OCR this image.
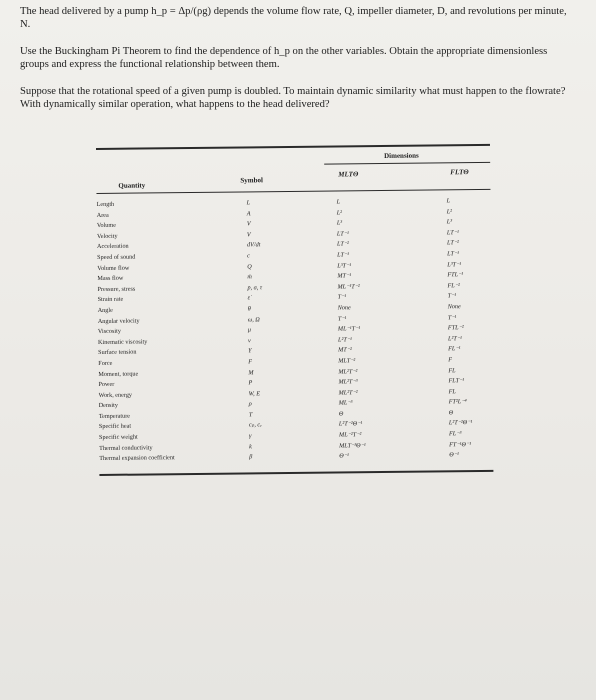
The head delivered by a pump h_p = Δp/(ρg) depends the volume flow rate, Q, impeller diameter, D, and revolutions per minute, N.

Use the Buckingham Pi Theorem to find the dependence of h_p on the other variables. Obtain the appropriate dimensionless groups and express the functional relationship between them.

Suppose that the rotational speed of a given pump is doubled. To maintain dynamic similarity what must happen to the flowrate? With dynamically similar operation, what happens to the head delivered?

Dimensions
MLTΘ	FLTΘ
Quantity
Symbol
Length
Area
Volume
Velocity
Acceleration
Speed of sound
Volume flow
Mass flow
Pressure, stress
Strain rate
Angle
Angular velocity
Viscosity
Kinematic viscosity
Surface tension
Force
Moment, torque
Power
Work, energy
Density
Temperature
Specific heat
Specific weight
Thermal conductivity
Thermal expansion coefficient
L
A
V
V
dV/dt
c
Q
ṁ
p, σ, τ
ε̇
θ
ω, Ω
μ
ν
Y
F
M
P
W, E
ρ
T
cₚ, cᵥ
γ
k
β
L
L²
L³
LT⁻¹
LT⁻²
LT⁻¹
L³T⁻¹
MT⁻¹
ML⁻¹T⁻²
T⁻¹
None
T⁻¹
ML⁻¹T⁻¹
L²T⁻¹
MT⁻²
MLT⁻²
ML²T⁻²
ML²T⁻³
ML²T⁻²
ML⁻³
Θ
L²T⁻²Θ⁻¹
ML⁻²T⁻²
MLT⁻³Θ⁻¹
Θ⁻¹
L
L²
L³
LT⁻¹
LT⁻²
LT⁻¹
L³T⁻¹
FTL⁻¹
FL⁻²
T⁻¹
None
T⁻¹
FTL⁻²
L²T⁻¹
FL⁻¹
F
FL
FLT⁻¹
FL
FT²L⁻⁴
Θ
L²T⁻²Θ⁻¹
FL⁻³
FT⁻¹Θ⁻¹
Θ⁻¹
